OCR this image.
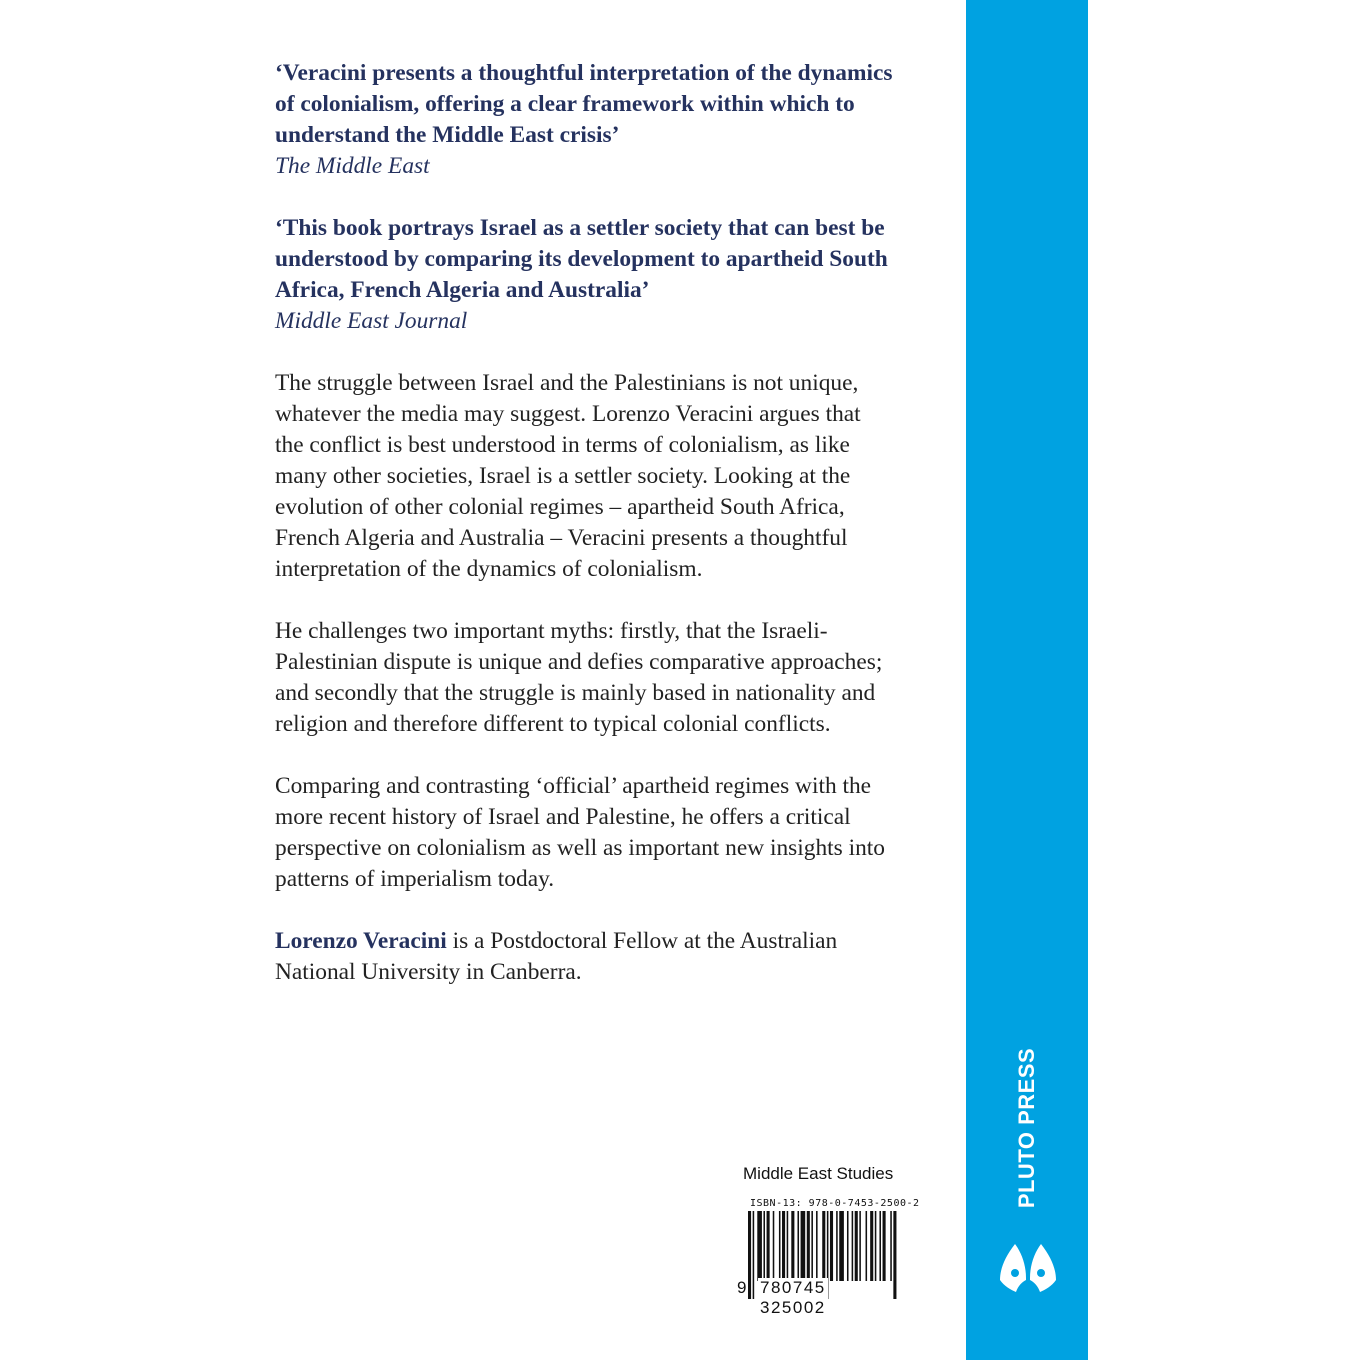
‘Veracini presents a thoughtful interpretation of the dynamics

of colonialism, offering a clear framework within which to

understand the Middle East crisis’

The Middle East

‘This book portrays Israel as a settler society that can best be

understood by comparing its development to apartheid South

Africa, French Algeria and Australia’

Middle East Journal

The struggle between Israel and the Palestinians is not unique,
whatever the media may suggest. Lorenzo Veracini argues that
the conflict is best understood in terms of colonialism, as like
many other societies, Israel is a settler society. Looking at the
evolution of other colonial regimes – apartheid South Africa,
French Algeria and Australia – Veracini presents a thoughtful
interpretation of the dynamics of colonialism.
He challenges two important myths: firstly, that the Israeli-
Palestinian dispute is unique and defies comparative approaches;
and secondly that the struggle is mainly based in nationality and
religion and therefore different to typical colonial conflicts.
Comparing and contrasting ‘official’ apartheid regimes with the
more recent history of Israel and Palestine, he offers a critical
perspective on colonialism as well as important new insights into
patterns of imperialism today.
Lorenzo Veracini is a Postdoctoral Fellow at the Australian
National University in Canberra.
Middle East Studies
ISBN-13: 978-0-7453-2500-2
9 780745 325002
PLUTO PRESS
